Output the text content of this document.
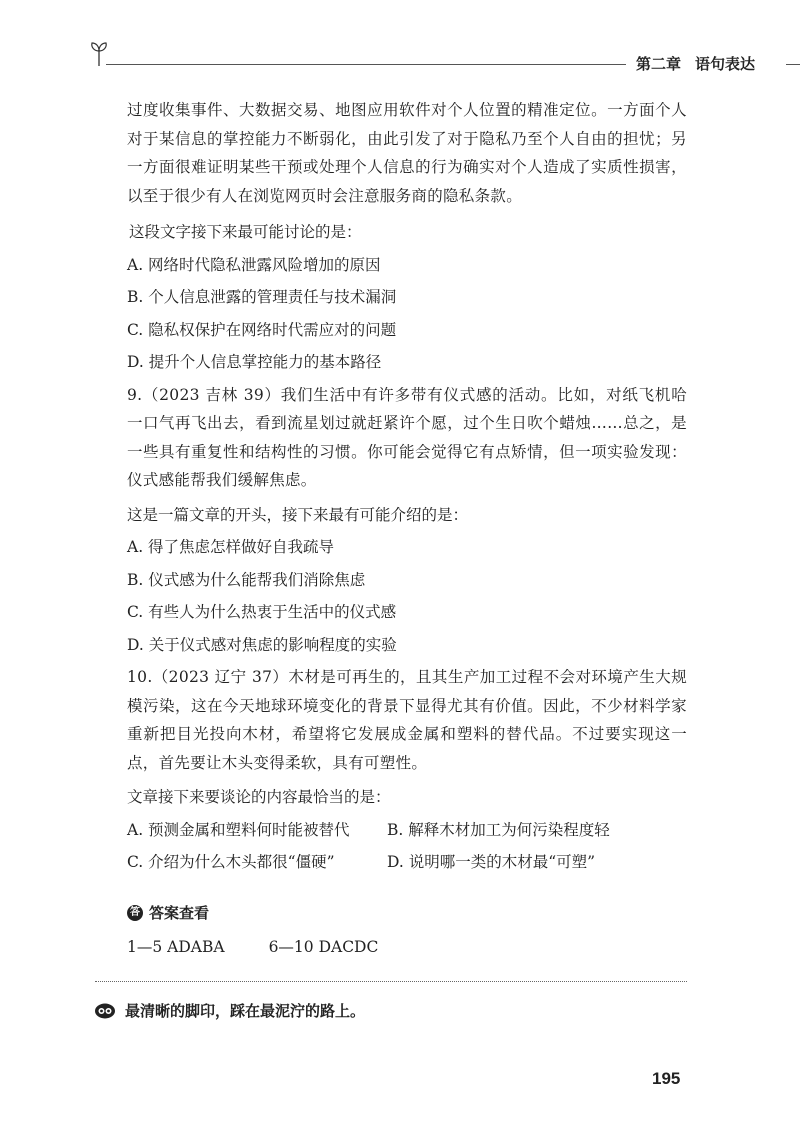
第二章 语句表达

过度收集事件、大数据交易、地图应用软件对个人位置的精准定位。一方面个人对于某信息的掌控能力不断弱化，由此引发了对于隐私乃至个人自由的担忧；另一方面很难证明某些干预或处理个人信息的行为确实对个人造成了实质性损害，以至于很少有人在浏览网页时会注意服务商的隐私条款。

这段文字接下来最可能讨论的是：

A. 网络时代隐私泄露风险增加的原因

B. 个人信息泄露的管理责任与技术漏洞

C. 隐私权保护在网络时代需应对的问题

D. 提升个人信息掌控能力的基本路径

9.（2023 吉林 39）我们生活中有许多带有仪式感的活动。比如，对纸飞机哈一口气再飞出去，看到流星划过就赶紧许个愿，过个生日吹个蜡烛……总之，是一些具有重复性和结构性的习惯。你可能会觉得它有点矫情，但一项实验发现：仪式感能帮我们缓解焦虑。

这是一篇文章的开头，接下来最有可能介绍的是：

A. 得了焦虑怎样做好自我疏导

B. 仪式感为什么能帮我们消除焦虑

C. 有些人为什么热衷于生活中的仪式感

D. 关于仪式感对焦虑的影响程度的实验

10.（2023 辽宁 37）木材是可再生的，且其生产加工过程不会对环境产生大规模污染，这在今天地球环境变化的背景下显得尤其有价值。因此，不少材料学家重新把目光投向木材，希望将它发展成金属和塑料的替代品。不过要实现这一点，首先要让木头变得柔软，具有可塑性。

文章接下来要谈论的内容最恰当的是：

A. 预测金属和塑料何时能被替代	B. 解释木材加工为何污染程度轻
C. 介绍为什么木头都很“僵硬”	D. 说明哪一类的木材最“可塑”
答 答案查看
1—5 ADABA	6—10 DACDC
最清晰的脚印，踩在最泥泞的路上。
195
